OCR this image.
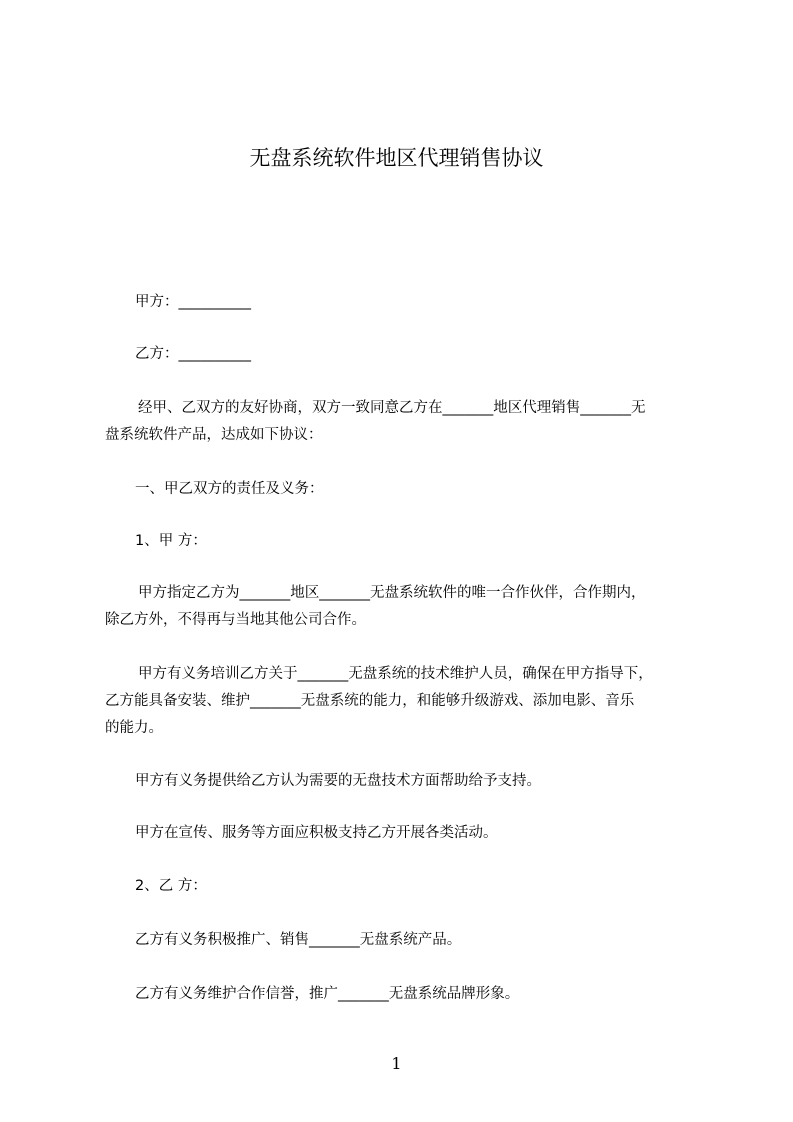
无盘系统软件地区代理销售协议
甲方：__________
乙方：__________
经甲、乙双方的友好协商，双方一致同意乙方在_______地区代理销售_______无
盘系统软件产品，达成如下协议：
一、甲乙双方的责任及义务：
1、甲 方：
甲方指定乙方为_______地区_______无盘系统软件的唯一合作伙伴，合作期内，
除乙方外，不得再与当地其他公司合作。
甲方有义务培训乙方关于_______无盘系统的技术维护人员，确保在甲方指导下，
乙方能具备安装、维护_______无盘系统的能力，和能够升级游戏、添加电影、音乐
的能力。
甲方有义务提供给乙方认为需要的无盘技术方面帮助给予支持。
甲方在宣传、服务等方面应积极支持乙方开展各类活动。
2、乙 方：
乙方有义务积极推广、销售_______无盘系统产品。
乙方有义务维护合作信誉，推广_______无盘系统品牌形象。
1
